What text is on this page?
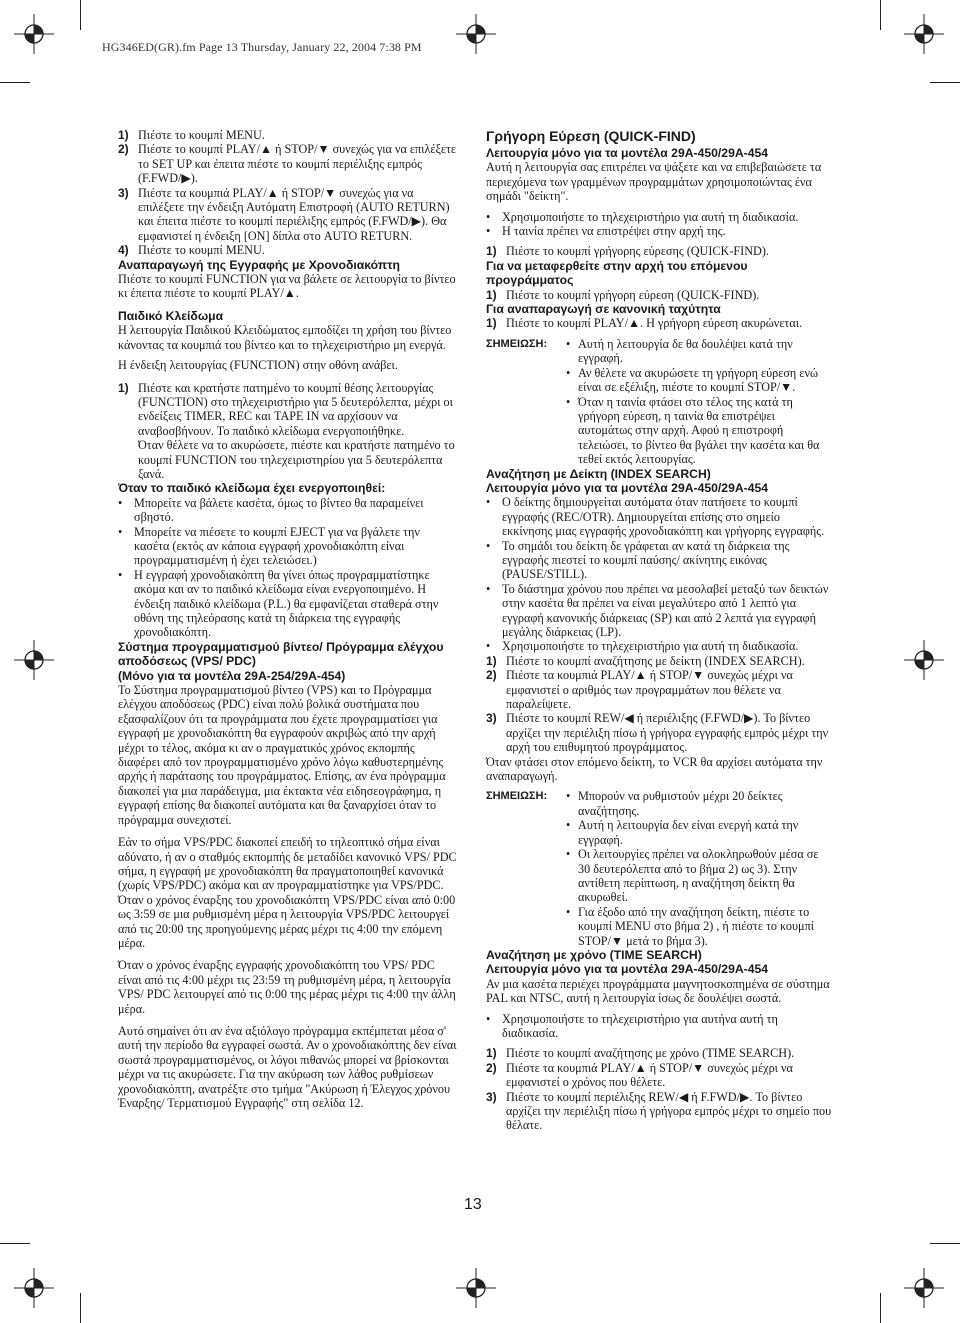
HG346ED(GR).fm Page 13 Thursday, January 22, 2004 7:38 PM

1) Πιέστε το κουμπί MENU.

2) Πιέστε το κουμπί PLAY/▲ ή STOP/▼ συνεχώς για να επιλέξετε το SET UP και έπειτα πιέστε το κουμπί περιέλιξης εμπρός (F.FWD/▶).

3) Πιέστε τα κουμπιά PLAY/▲ ή STOP/▼ συνεχώς για να επιλέξετε την ένδειξη Αυτόματη Επιστροφή (AUTO RETURN) και έπειτα πιέστε το κουμπί περιέλιξης εμπρός (F.FWD/▶). Θα εμφανιστεί η ένδειξη [ON] δίπλα στο AUTO RETURN.

4) Πιέστε το κουμπί MENU.

Αναπαραγωγή της Εγγραφής με Χρονοδιακόπτη

Πιέστε το κουμπί FUNCTION για να βάλετε σε λειτουργία το βίντεο κι έπειτα πιέστε το κουμπί PLAY/▲.

Παιδικό Κλείδωμα

Η λειτουργία Παιδικού Κλειδώματος εμποδίζει τη χρήση του βίντεο κάνοντας τα κουμπιά του βίντεο και το τηλεχειριστήριο μη ενεργά.

Η ένδειξη λειτουργίας (FUNCTION) στην οθόνη ανάβει.

1) Πιέστε και κρατήστε πατημένο το κουμπί θέσης λειτουργίας (FUNCTION) στο τηλεχειριστήριο για 5 δευτερόλεπτα, μέχρι οι ενδείξεις TIMER, REC και TAPE IN να αρχίσουν να αναβοσβήνουν. Το παιδικό κλείδωμα ενεργοποιήθηκε.

Όταν θέλετε να το ακυρώσετε, πιέστε και κρατήστε πατημένο το κουμπί FUNCTION του τηλεχειριστηρίου για 5 δευτερόλεπτα ξανά.

Όταν το παιδικό κλείδωμα έχει ενεργοποιηθεί:

• Μπορείτε να βάλετε κασέτα, όμως το βίντεο θα παραμείνει σβηστό.

• Μπορείτε να πιέσετε το κουμπί EJECT για να βγάλετε την κασέτα (εκτός αν κάποια εγγραφή χρονοδιακόπτη είναι προγραμματισμένη ή έχει τελειώσει.)

• Η εγγραφή χρονοδιακόπτη θα γίνει όπως προγραμματίστηκε ακόμα και αν το παιδικό κλείδωμα είναι ενεργοποιημένο. Η ένδειξη παιδικό κλείδωμα (P.L.) θα εμφανίζεται σταθερά στην οθόνη της τηλεόρασης κατά τη διάρκεια της εγγραφής χρονοδιακόπτη.

Σύστημα προγραμματισμού βίντεο/ Πρόγραμμα ελέγχου αποδόσεως (VPS/ PDC)
(Μόνο για τα μοντέλα 29A-254/29A-454)

Το Σύστημα προγραμματισμού βίντεο (VPS) και το Πρόγραμμα ελέγχου αποδόσεως (PDC) είναι πολύ βολικά συστήματα που εξασφαλίζουν ότι τα προγράμματα που έχετε προγραμματίσει για εγγραφή με χρονοδιακόπτη θα εγγραφούν ακριβώς από την αρχή μέχρι το τέλος, ακόμα κι αν ο πραγματικός χρόνος εκπομπής διαφέρει από τον προγραμματισμένο χρόνο λόγω καθυστερημένης αρχής ή παράτασης του προγράμματος. Επίσης, αν ένα πρόγραμμα διακοπεί για μια παράδειγμα, μια έκτακτα νέα ειδησεογράφημα, η εγγραφή επίσης θα διακοπεί αυτόματα και θα ξαναρχίσει όταν το πρόγραμμα συνεχιστεί.

Εάν το σήμα VPS/PDC διακοπεί επειδή το τηλεοπτικό σήμα είναι αδύνατο, ή αν ο σταθμός εκπομπής δε μεταδίδει κανονικό VPS/ PDC σήμα, η εγγραφή με χρονοδιακόπτη θα πραγματοποιηθεί κανονικά (χωρίς VPS/PDC) ακόμα και αν προγραμματίστηκε για VPS/PDC. Όταν ο χρόνος έναρξης του χρονοδιακόπτη VPS/PDC είναι από 0:00 ως 3:59 σε μια ρυθμισμένη μέρα η λειτουργία VPS/PDC λειτουργεί από τις 20:00 της προηγούμενης μέρας μέχρι τις 4:00 την επόμενη μέρα.

Όταν ο χρόνος έναρξης εγγραφής χρονοδιακόπτη του VPS/ PDC είναι από τις 4:00 μέχρι τις 23:59 τη ρυθμισμένη μέρα, η λειτουργία VPS/ PDC λειτουργεί από τις 0:00 της μέρας μέχρι τις 4:00 την άλλη μέρα.

Αυτό σημαίνει ότι αν ένα αξιόλογο πρόγραμμα εκπέμπεται μέσα σ' αυτή την περίοδο θα εγγραφεί σωστά. Αν ο χρονοδιακόπτης δεν είναι σωστά προγραμματισμένος, οι λόγοι πιθανώς μπορεί να βρίσκονται μέχρι να τις ακυρώσετε. Για την ακύρωση των λάθος ρυθμίσεων χρονοδιακόπτη, ανατρέξτε στο τμήμα "Ακύρωση ή Έλεγχος χρόνου Έναρξης/ Τερματισμού Εγγραφής" στη σελίδα 12.

Γρήγορη Εύρεση (QUICK-FIND)

Λειτουργία μόνο για τα μοντέλα 29A-450/29A-454

Αυτή η λειτουργία σας επιτρέπει να ψάξετε και να επιβεβαιώσετε τα περιεχόμενα των γραμμένων προγραμμάτων χρησιμοποιώντας ένα σημάδι "δείκτη".

• Χρησιμοποιήστε το τηλεχειριστήριο για αυτή τη διαδικασία.

• Η ταινία πρέπει να επιστρέψει στην αρχή της.

1) Πιέστε το κουμπί γρήγορης εύρεσης (QUICK-FIND).

Για να μεταφερθείτε στην αρχή του επόμενου προγράμματος

1) Πιέστε το κουμπί γρήγορη εύρεση (QUICK-FIND).

Για αναπαραγωγή σε κανονική ταχύτητα

1) Πιέστε το κουμπί PLAY/▲. Η γρήγορη εύρεση ακυρώνεται.

ΣΗΜΕΙΩΣΗ:	• Αυτή η λειτουργία δε θα δουλέψει κατά την εγγραφή.

• Αν θέλετε να ακυρώσετε τη γρήγορη εύρεση ενώ είναι σε εξέλιξη, πιέστε το κουμπί STOP/▼.

• Όταν η ταινία φτάσει στο τέλος της κατά τη γρήγορη εύρεση, η ταινία θα επιστρέψει αυτομάτως στην αρχή. Αφού η επιστροφή τελειώσει, το βίντεο θα βγάλει την κασέτα και θα τεθεί εκτός λειτουργίας.

Αναζήτηση με Δείκτη (INDEX SEARCH)

Λειτουργία μόνο για τα μοντέλα 29A-450/29A-454

• Ο δείκτης δημιουργείται αυτόματα όταν πατήσετε το κουμπί εγγραφής (REC/OTR). Δημιουργείται επίσης στο σημείο εκκίνησης μιας εγγραφής χρονοδιακόπτη και γρήγορης εγγραφής.

• Το σημάδι του δείκτη δε γράφεται αν κατά τη διάρκεια της εγγραφής πιεστεί το κουμπί παύσης/ ακίνητης εικόνας (PAUSE/STILL).

• Το διάστημα χρόνου που πρέπει να μεσολαβεί μεταξύ των δεικτών στην κασέτα θα πρέπει να είναι μεγαλύτερο από 1 λεπτό για εγγραφή κανονικής διάρκειας (SP) και από 2 λεπτά για εγγραφή μεγάλης διάρκειας (LP).

• Χρησιμοποιήστε το τηλεχειριστήριο για αυτή τη διαδικασία.

1) Πιέστε το κουμπί αναζήτησης με δείκτη (INDEX SEARCH).

2) Πιέστε τα κουμπιά PLAY/▲ ή STOP/▼ συνεχώς μέχρι να εμφανιστεί ο αριθμός των προγραμμάτων που θέλετε να παραλείψετε.

3) Πιέστε το κουμπί REW/◀ ή περιέλιξης (F.FWD/▶). Το βίντεο αρχίζει την περιέλιξη πίσω ή γρήγορα εγγραφής εμπρός μέχρι την αρχή του επιθυμητού προγράμματος.

Όταν φτάσει στον επόμενο δείκτη, το VCR θα αρχίσει αυτόματα την αναπαραγωγή.

ΣΗΜΕΙΩΣΗ:	• Μπορούν να ρυθμιστούν μέχρι 20 δείκτες αναζήτησης.

• Αυτή η λειτουργία δεν είναι ενεργή κατά την εγγραφή.

• Οι λειτουργίες πρέπει να ολοκληρωθούν μέσα σε 30 δευτερόλεπτα από το βήμα 2) ως 3). Στην αντίθετη περίπτωση, η αναζήτηση δείκτη θα ακυρωθεί.

• Για έξοδο από την αναζήτηση δείκτη, πιέστε το κουμπί MENU στο βήμα 2) , ή πιέστε το κουμπί STOP/▼ μετά το βήμα 3).

Αναζήτηση με χρόνο (TIME SEARCH)

Λειτουργία μόνο για τα μοντέλα 29A-450/29A-454

Αν μια κασέτα περιέχει προγράμματα μαγνητοσκοπημένα σε σύστημα PAL και NTSC, αυτή η λειτουργία ίσως δε δουλέψει σωστά.

• Χρησιμοποιήστε το τηλεχειριστήριο για αυτήνα αυτή τη διαδικασία.

1) Πιέστε το κουμπί αναζήτησης με χρόνο (TIME SEARCH).

2) Πιέστε τα κουμπιά PLAY/▲ ή STOP/▼ συνεχώς μέχρι να εμφανιστεί ο χρόνος που θέλετε.

3) Πιέστε το κουμπί περιέλιξης REW/◀ ή F.FWD/▶. Το βίντεο αρχίζει την περιέλιξη πίσω ή γρήγορα εμπρός μέχρι το σημείο που θέλατε.

13
